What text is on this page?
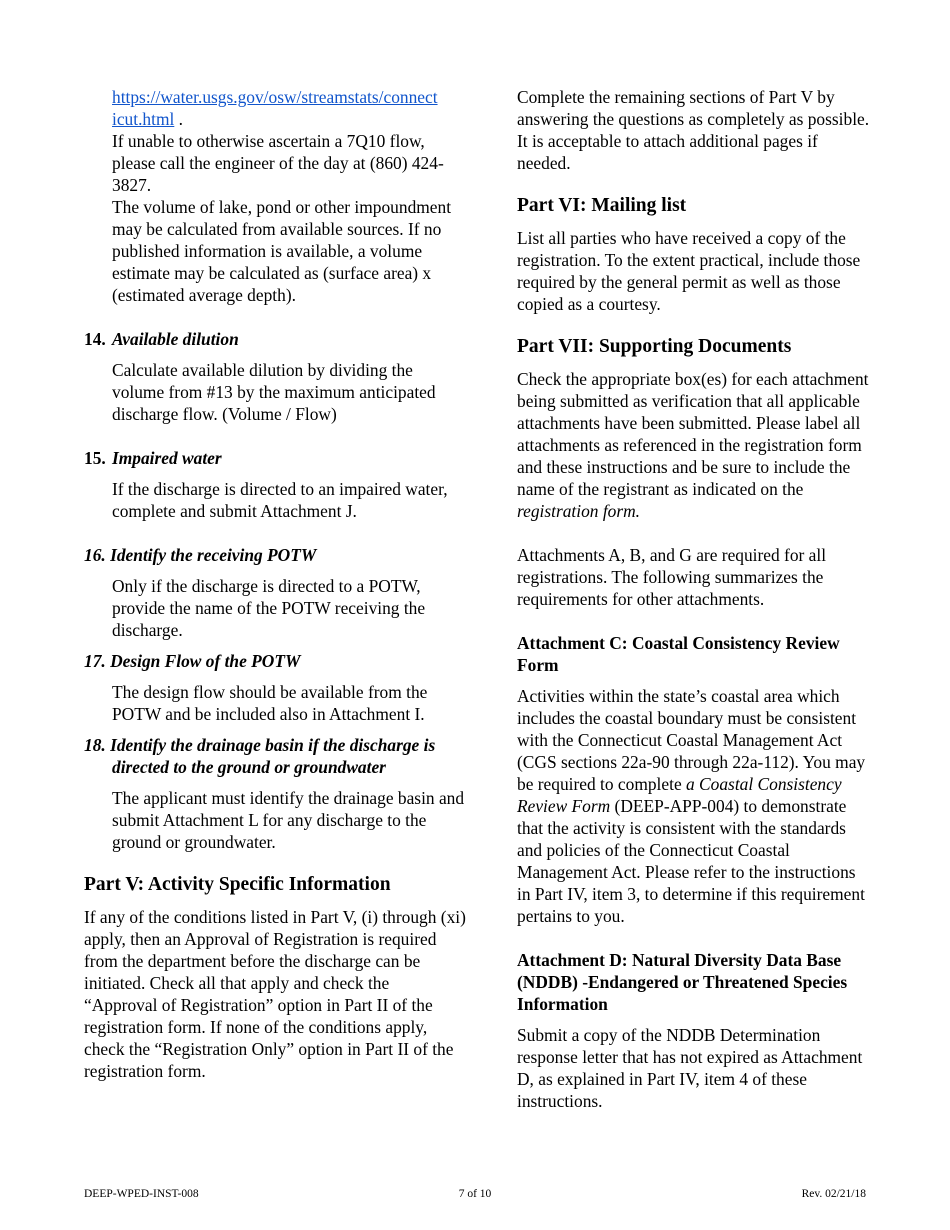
https://water.usgs.gov/osw/streamstats/connect
icut.html .

If unable to otherwise ascertain a 7Q10 flow, please call the engineer of the day at (860) 424-3827.

The volume of lake, pond or other impoundment may be calculated from available sources. If no published information is available, a volume estimate may be calculated as (surface area) x (estimated average depth).

14. Available dilution

Calculate available dilution by dividing the volume from #13 by the maximum anticipated discharge flow. (Volume / Flow)

15. Impaired water

If the discharge is directed to an impaired water, complete and submit Attachment J.

16. Identify the receiving POTW

Only if the discharge is directed to a POTW, provide the name of the POTW receiving the discharge.

17. Design Flow of the POTW

The design flow should be available from the POTW and be included also in Attachment I.

18. Identify the drainage basin if the discharge is directed to the ground or groundwater

The applicant must identify the drainage basin and submit Attachment L for any discharge to the ground or groundwater.

Part V: Activity Specific Information

If any of the conditions listed in Part V, (i) through (xi) apply, then an Approval of Registration is required from the department before the discharge can be initiated. Check all that apply and check the “Approval of Registration” option in Part II of the registration form. If none of the conditions apply, check the “Registration Only” option in Part II of the registration form.

Complete the remaining sections of Part V by answering the questions as completely as possible. It is acceptable to attach additional pages if needed.

Part VI: Mailing list

List all parties who have received a copy of the registration. To the extent practical, include those required by the general permit as well as those copied as a courtesy.

Part VII: Supporting Documents

Check the appropriate box(es) for each attachment being submitted as verification that all applicable attachments have been submitted. Please label all attachments as referenced in the registration form and these instructions and be sure to include the name of the registrant as indicated on the registration form.

Attachments A, B, and G are required for all registrations. The following summarizes the requirements for other attachments.

Attachment C: Coastal Consistency Review Form

Activities within the state’s coastal area which includes the coastal boundary must be consistent with the Connecticut Coastal Management Act (CGS sections 22a-90 through 22a-112). You may be required to complete a Coastal Consistency Review Form (DEEP-APP-004) to demonstrate that the activity is consistent with the standards and policies of the Connecticut Coastal Management Act. Please refer to the instructions in Part IV, item 3, to determine if this requirement pertains to you.

Attachment D: Natural Diversity Data Base (NDDB) -Endangered or Threatened Species Information

Submit a copy of the NDDB Determination response letter that has not expired as Attachment D, as explained in Part IV, item 4 of these instructions.

DEEP-WPED-INST-008	7 of 10	Rev. 02/21/18
